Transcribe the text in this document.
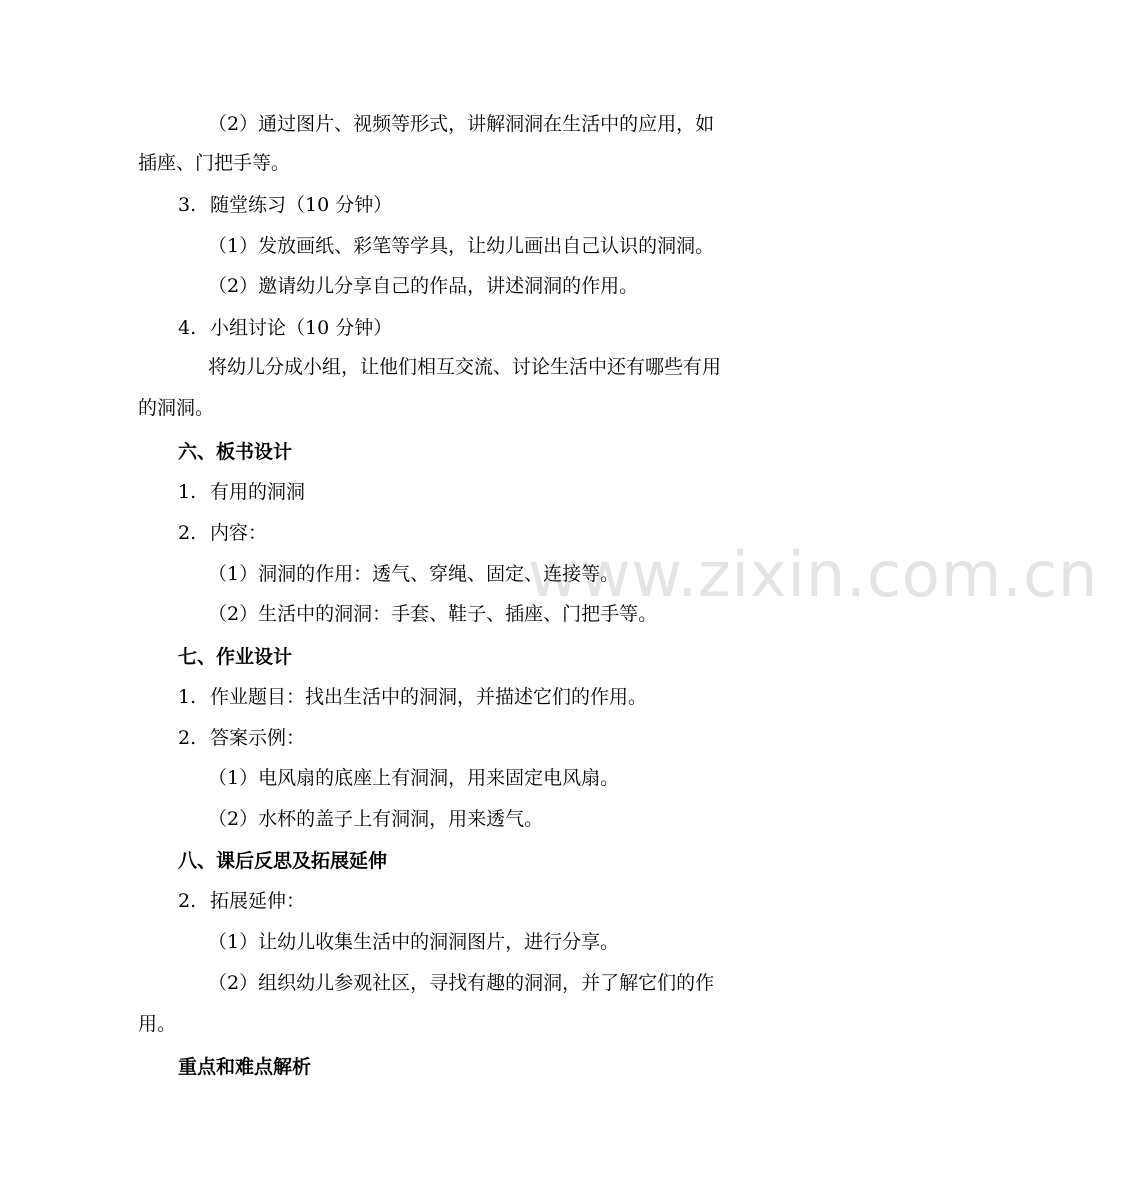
www.zixin.com.cn
（2）通过图片、视频等形式，讲解洞洞在生活中的应用，如
插座、门把手等。
3. 随堂练习（10 分钟）
（1）发放画纸、彩笔等学具，让幼儿画出自己认识的洞洞。
（2）邀请幼儿分享自己的作品，讲述洞洞的作用。
4. 小组讨论（10 分钟）
将幼儿分成小组，让他们相互交流、讨论生活中还有哪些有用
的洞洞。
六、板书设计
1. 有用的洞洞
2. 内容：
（1）洞洞的作用：透气、穿绳、固定、连接等。
（2）生活中的洞洞：手套、鞋子、插座、门把手等。
七、作业设计
1. 作业题目：找出生活中的洞洞，并描述它们的作用。
2. 答案示例：
（1）电风扇的底座上有洞洞，用来固定电风扇。
（2）水杯的盖子上有洞洞，用来透气。
八、课后反思及拓展延伸
2. 拓展延伸：
（1）让幼儿收集生活中的洞洞图片，进行分享。
（2）组织幼儿参观社区，寻找有趣的洞洞，并了解它们的作
用。
重点和难点解析
